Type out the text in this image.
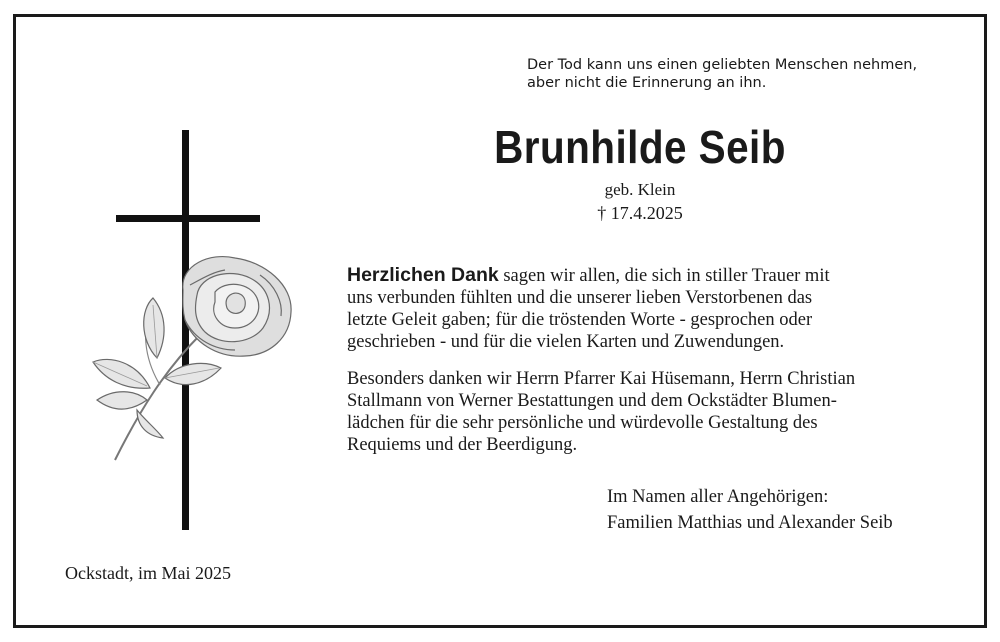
Der Tod kann uns einen geliebten Menschen nehmen,
aber nicht die Erinnerung an ihn.
Brunhilde Seib
geb. Klein
† 17.4.2025
Herzlichen Dank sagen wir allen, die sich in stiller Trauer mit
uns verbunden fühlten und die unserer lieben Verstorbenen das
letzte Geleit gaben; für die tröstenden Worte - gesprochen oder
geschrieben - und für die vielen Karten und Zuwendungen.
Besonders danken wir Herrn Pfarrer Kai Hüsemann, Herrn Christian
Stallmann von Werner Bestattungen und dem Ockstädter Blumen-
lädchen für die sehr persönliche und würdevolle Gestaltung des
Requiems und der Beerdigung.
Im Namen aller Angehörigen:
Familien Matthias und Alexander Seib
Ockstadt, im Mai 2025
